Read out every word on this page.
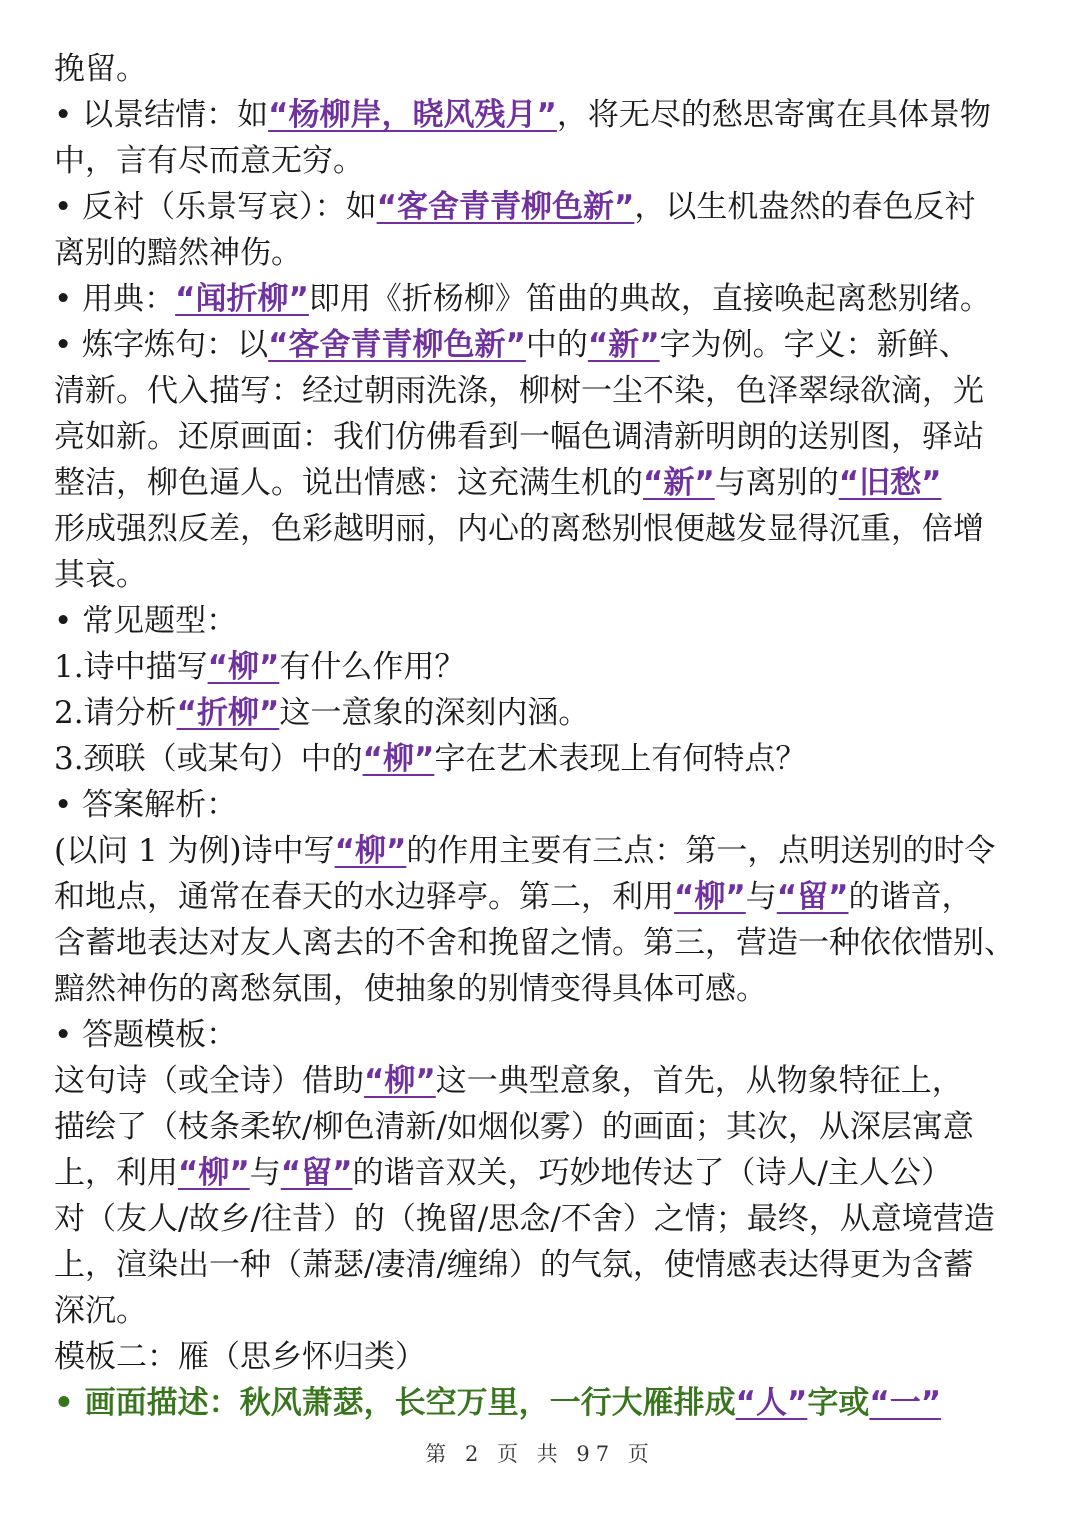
挽留。
• 以景结情：如“杨柳岸，晓风残月”，将无尽的愁思寄寓在具体景物
中，言有尽而意无穷。
• 反衬（乐景写哀）：如“客舍青青柳色新”，以生机盎然的春色反衬
离别的黯然神伤。
• 用典：“闻折柳”即用《折杨柳》笛曲的典故，直接唤起离愁别绪。
• 炼字炼句：以“客舍青青柳色新”中的“新”字为例。字义：新鲜、
清新。代入描写：经过朝雨洗涤，柳树一尘不染，色泽翠绿欲滴，光
亮如新。还原画面：我们仿佛看到一幅色调清新明朗的送别图，驿站
整洁，柳色逼人。说出情感：这充满生机的“新”与离别的“旧愁”
形成强烈反差，色彩越明丽，内心的离愁别恨便越发显得沉重，倍增
其哀。
• 常见题型：
1.诗中描写“柳”有什么作用？
2.请分析“折柳”这一意象的深刻内涵。
3.颈联（或某句）中的“柳”字在艺术表现上有何特点？
• 答案解析：
(以问 1 为例)诗中写“柳”的作用主要有三点：第一，点明送别的时令
和地点，通常在春天的水边驿亭。第二，利用“柳”与“留”的谐音，
含蓄地表达对友人离去的不舍和挽留之情。第三，营造一种依依惜别、
黯然神伤的离愁氛围，使抽象的别情变得具体可感。
• 答题模板：
这句诗（或全诗）借助“柳”这一典型意象，首先，从物象特征上，
描绘了（枝条柔软/柳色清新/如烟似雾）的画面；其次，从深层寓意
上，利用“柳”与“留”的谐音双关，巧妙地传达了（诗人/主人公）
对（友人/故乡/往昔）的（挽留/思念/不舍）之情；最终，从意境营造
上，渲染出一种（萧瑟/凄清/缠绵）的气氛，使情感表达得更为含蓄
深沉。
模板二：雁（思乡怀归类）
• 画面描述：秋风萧瑟，长空万里，一行大雁排成“人”字或“一”
第 2 页 共 97 页
